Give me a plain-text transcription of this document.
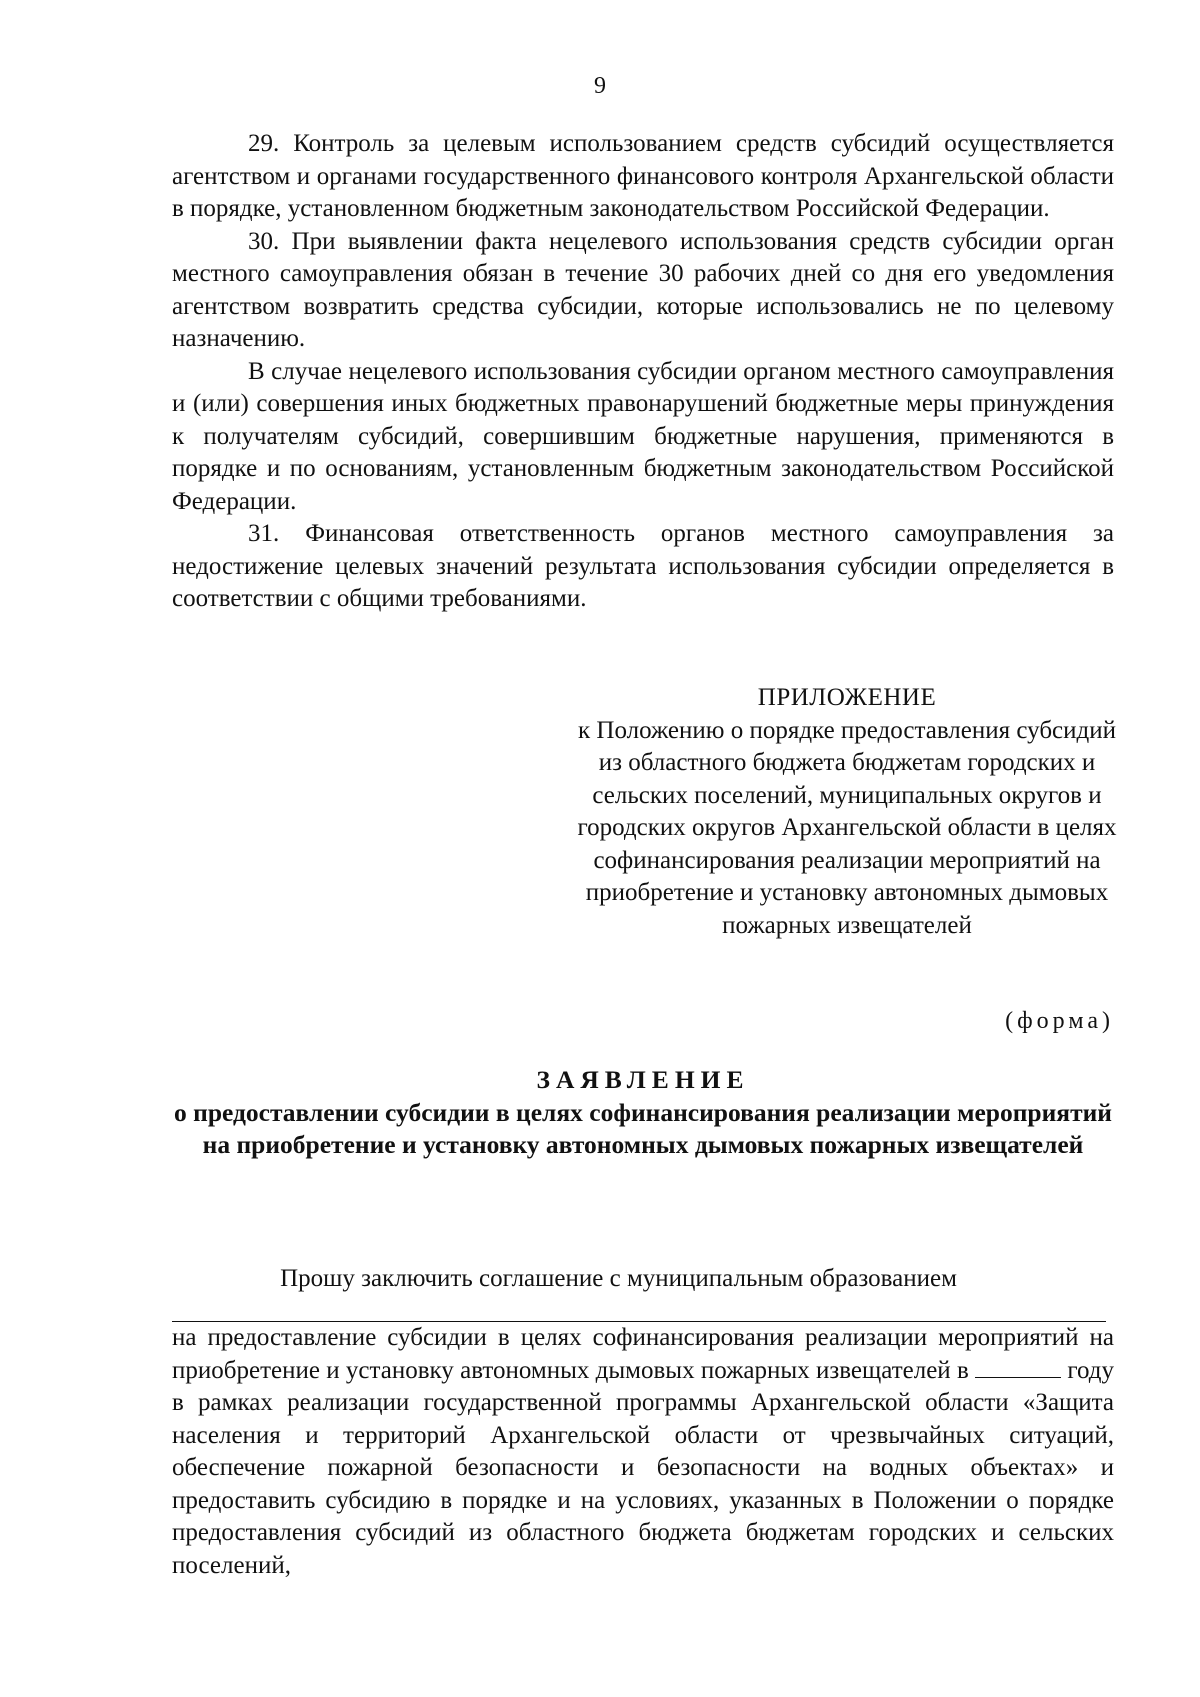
9

29. Контроль за целевым использованием средств субсидий осуществляется агентством и органами государственного финансового контроля Архангельской области в порядке, установленном бюджетным законодательством Российской Федерации.

30. При выявлении факта нецелевого использования средств субсидии орган местного самоуправления обязан в течение 30 рабочих дней со дня его уведомления агентством возвратить средства субсидии, которые использовались не по целевому назначению.

В случае нецелевого использования субсидии органом местного самоуправления и (или) совершения иных бюджетных правонарушений бюджетные меры принуждения к получателям субсидий, совершившим бюджетные нарушения, применяются в порядке и по основаниям, установленным бюджетным законодательством Российской Федерации.

31. Финансовая ответственность органов местного самоуправления за недостижение целевых значений результата использования субсидии определяется в соответствии с общими требованиями.

ПРИЛОЖЕНИЕ
к Положению о порядке предоставления субсидий из областного бюджета бюджетам городских и сельских поселений, муниципальных округов и городских округов Архангельской области в целях софинансирования реализации мероприятий на приобретение и установку автономных дымовых пожарных извещателей
(форма)
ЗАЯВЛЕНИЕ
о предоставлении субсидии в целях софинансирования реализации мероприятий на приобретение и установку автономных дымовых пожарных извещателей
Прошу заключить соглашение с муниципальным образованием

на предоставление субсидии в целях софинансирования реализации мероприятий на приобретение и установку автономных дымовых пожарных извещателей в	году в рамках реализации государственной программы Архангельской области «Защита населения и территорий Архангельской области от чрезвычайных ситуаций, обеспечение пожарной безопасности и безопасности на водных объектах» и предоставить субсидию в порядке и на условиях, указанных в Положении о порядке предоставления субсидий из областного бюджета бюджетам городских и сельских поселений,
